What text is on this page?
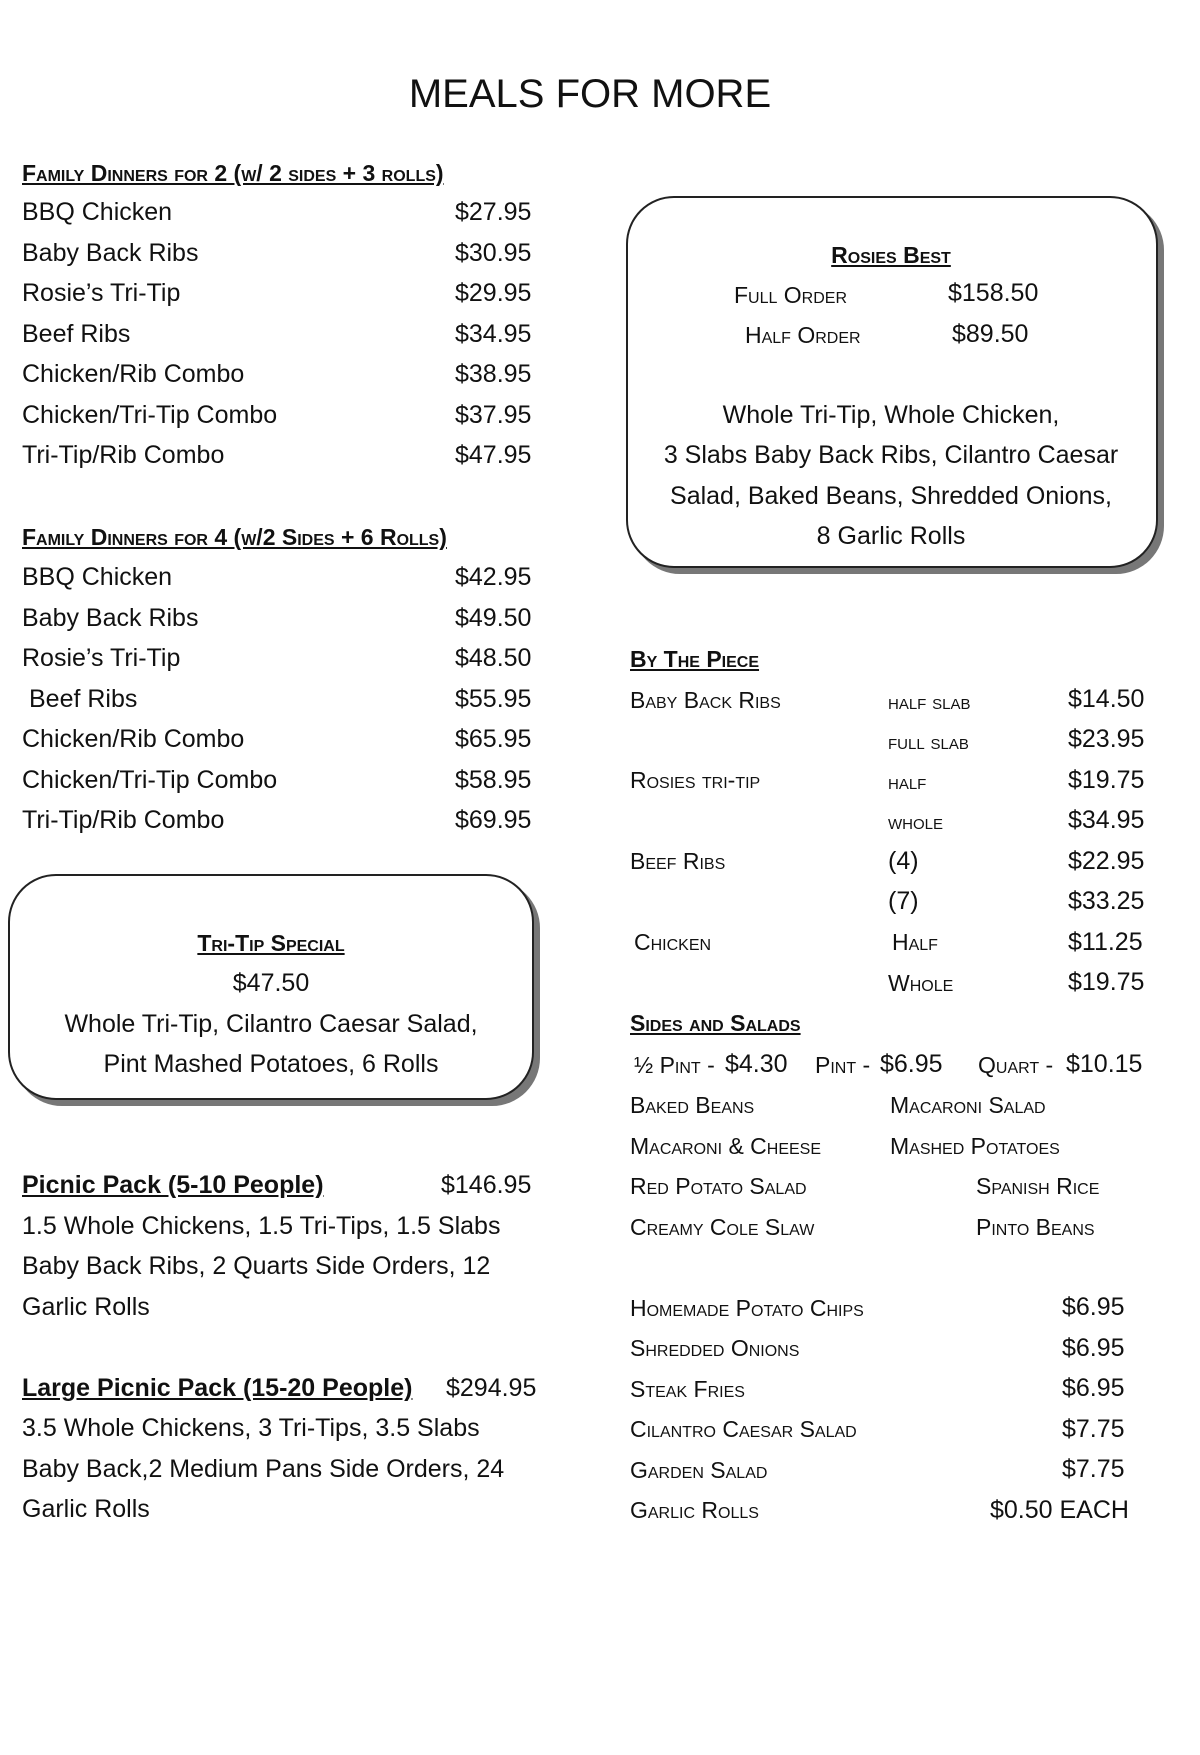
MEALS FOR MORE
Family Dinners for 2 (w/ 2 sides + 3 rolls)
BBQ Chicken	$27.95
Baby Back Ribs	$30.95
Rosie’s Tri-Tip	$29.95
Beef Ribs	$34.95
Chicken/Rib Combo	$38.95
Chicken/Tri-Tip Combo	$37.95
Tri-Tip/Rib Combo	$47.95
Family Dinners for 4 (w/2 Sides + 6 Rolls)
BBQ Chicken	$42.95
Baby Back Ribs	$49.50
Rosie’s Tri-Tip	$48.50
Beef Ribs	$55.95
Chicken/Rib Combo	$65.95
Chicken/Tri-Tip Combo	$58.95
Tri-Tip/Rib Combo	$69.95
Tri-Tip Special
$47.50
Whole Tri-Tip, Cilantro Caesar Salad,
Pint Mashed Potatoes, 6 Rolls
Picnic Pack (5-10 People)	$146.95
1.5 Whole Chickens, 1.5 Tri-Tips, 1.5 Slabs
Baby Back Ribs, 2 Quarts Side Orders, 12
Garlic Rolls
Large Picnic Pack (15-20 People) $294.95
3.5 Whole Chickens, 3 Tri-Tips, 3.5 Slabs
Baby Back,2 Medium Pans Side Orders, 24
Garlic Rolls
Rosies Best
Full Order	$158.50
Half Order	$89.50
Whole Tri-Tip, Whole Chicken,
3 Slabs Baby Back Ribs, Cilantro Caesar
Salad, Baked Beans, Shredded Onions,
8 Garlic Rolls
By The Piece
Baby Back Ribs	half slab	$14.50
full slab	$23.95
Rosies tri-tip	half	$19.75
whole	$34.95
Beef Ribs	(4)	$22.95
(7)	$33.25
Chicken	Half	$11.25
Whole	$19.75
Sides and Salads
½ Pint - $4.30 Pint - $6.95 Quart - $10.15
Baked Beans	Macaroni Salad
Macaroni & Cheese	Mashed Potatoes
Red Potato Salad	Spanish Rice
Creamy Cole Slaw	Pinto Beans
Homemade Potato Chips	$6.95
Shredded Onions	$6.95
Steak Fries	$6.95
Cilantro Caesar Salad	$7.75
Garden Salad	$7.75
Garlic Rolls	$0.50 EACH
